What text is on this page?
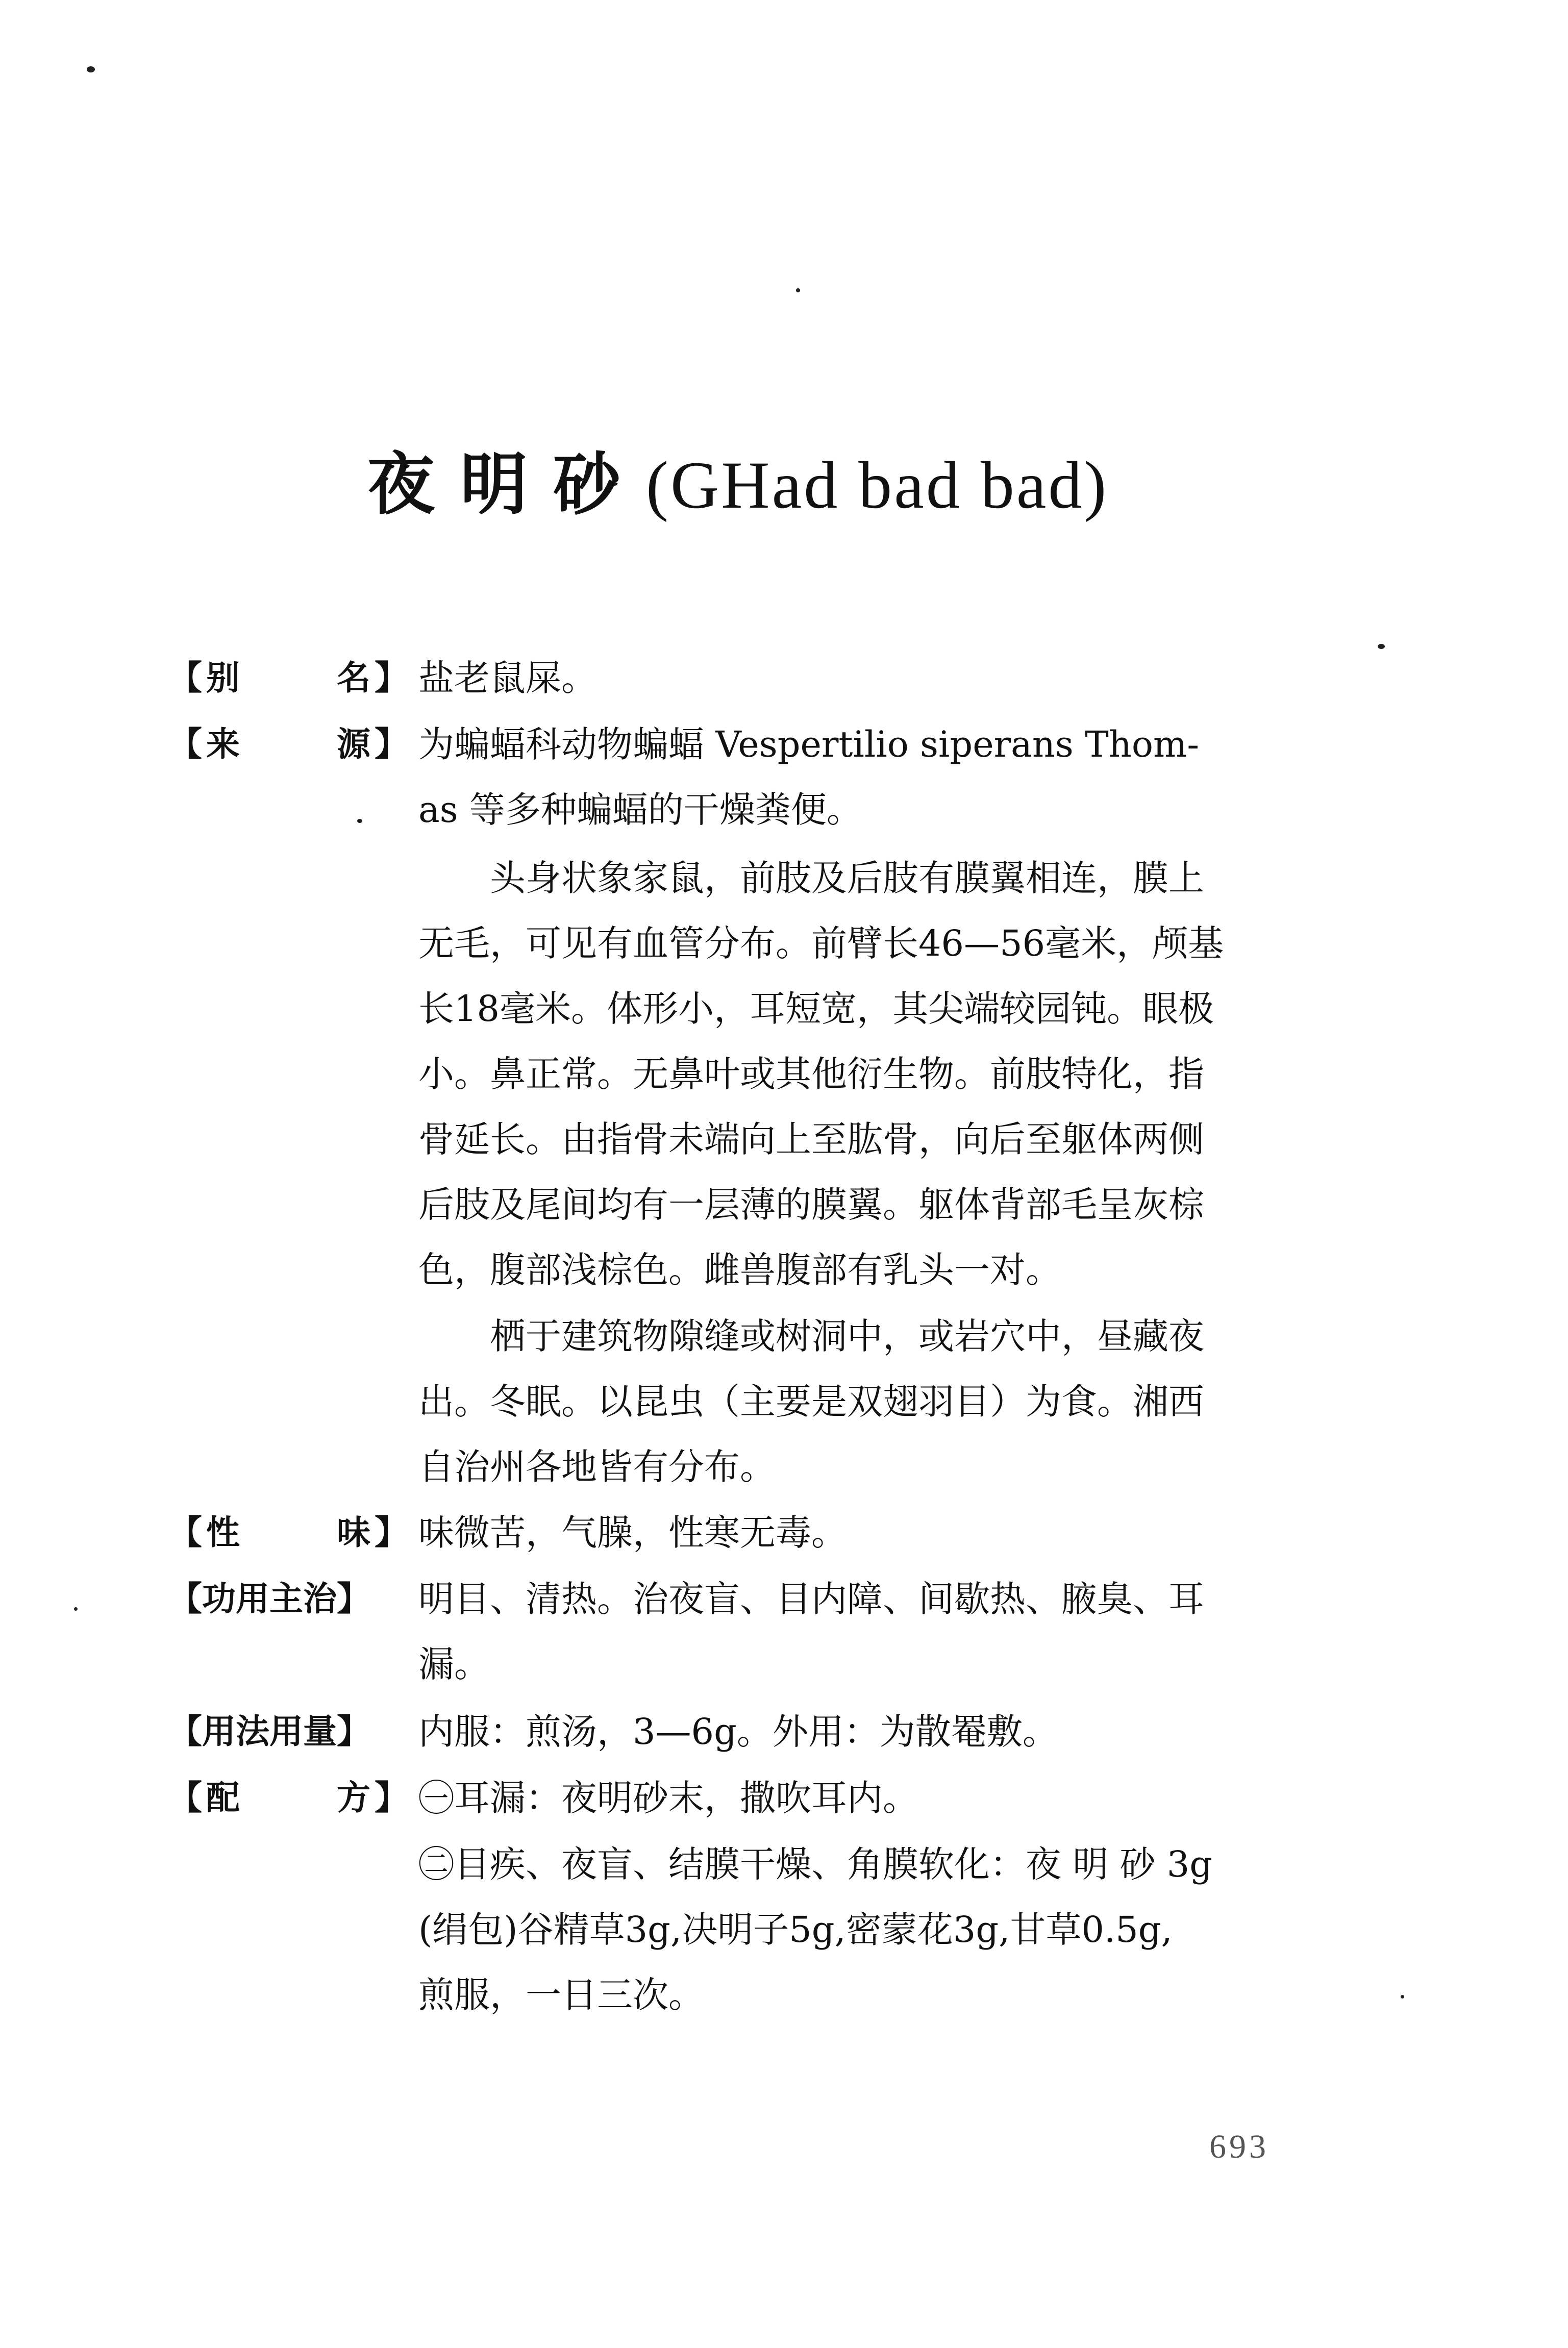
夜明砂(GHad bad bad)
【 别	名 】 盐老鼠屎。
【 来	源 】 为蝙蝠科动物蝙蝠 Vespertilio siperans Thom-
as 等多种蝙蝠的干燥粪便。
头身状象家鼠，前肢及后肢有膜翼相连，膜上
无毛，可见有血管分布。前臂长46—56毫米，颅基
长18毫米。体形小，耳短宽，其尖端较园钝。眼极
小。鼻正常。无鼻叶或其他衍生物。前肢特化，指
骨延长。由指骨未端向上至肱骨，向后至躯体两侧
后肢及尾间均有一层薄的膜翼。躯体背部毛呈灰棕
色，腹部浅棕色。雌兽腹部有乳头一对。
栖于建筑物隙缝或树洞中，或岩穴中，昼藏夜
出。冬眠。以昆虫（主要是双翅羽目）为食。湘西
自治州各地皆有分布。
【 性	味 】 味微苦，气臊，性寒无毒。
【功用主治】	明目、清热。治夜盲、目内障、间歇热、腋臭、耳
漏。
【用法用量】	内服：煎汤，3—6g。外用：为散罨敷。
【 配	方 】 ㊀耳漏：夜明砂末，撒吹耳内。
㊁目疾、夜盲、结膜干燥、角膜软化：夜 明 砂 3g
(绢包)谷精草3g,决明子5g,密蒙花3g,甘草0.5g,
煎服，一日三次。
693
